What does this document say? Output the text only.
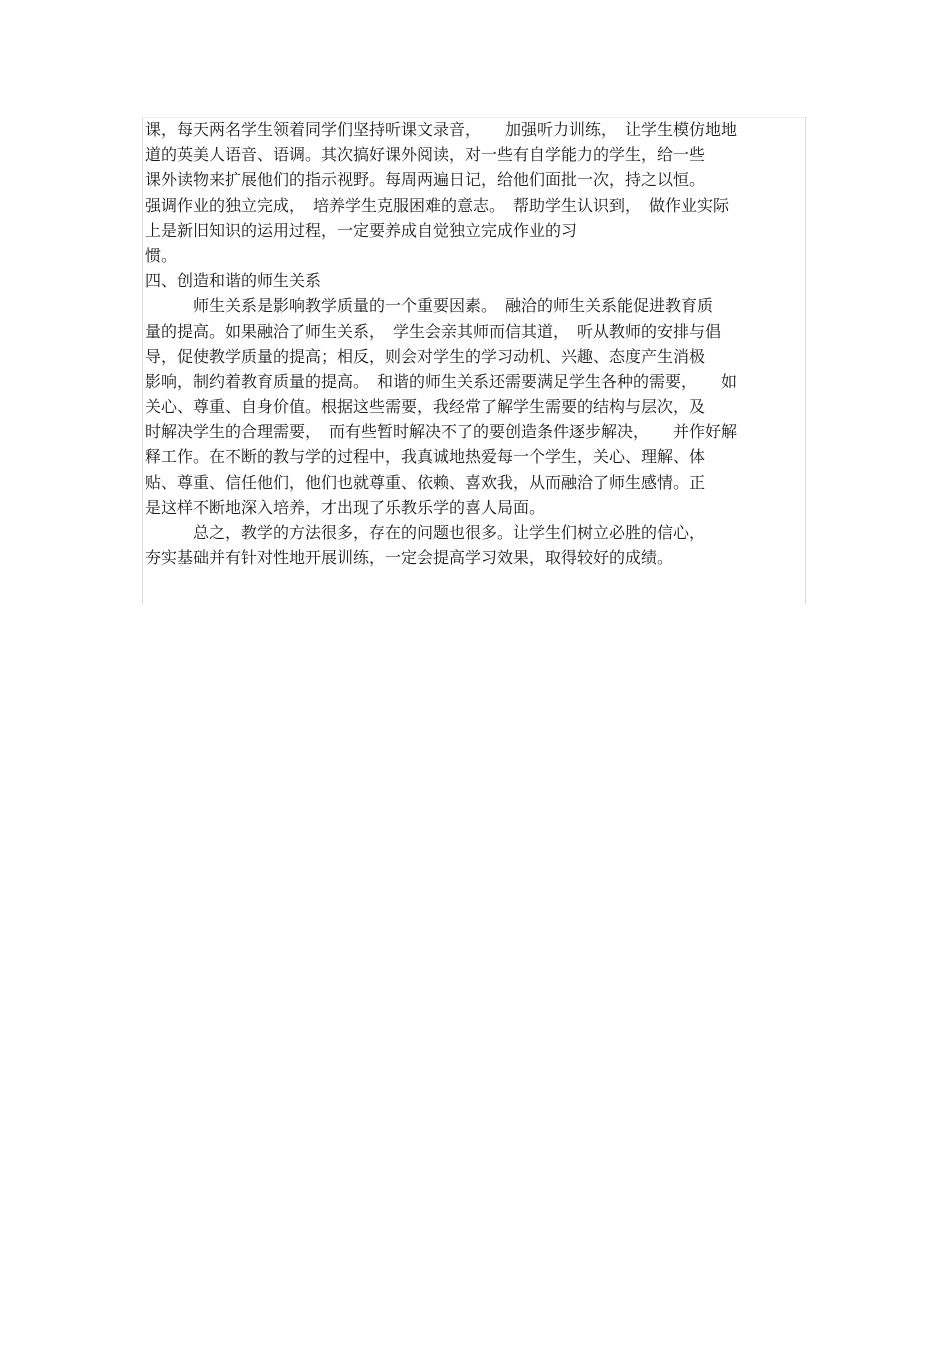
课，每天两名学生领着同学们坚持听课文录音，　　加强听力训练，　让学生模仿地地
道的英美人语音、语调。其次搞好课外阅读，对一些有自学能力的学生，给一些
课外读物来扩展他们的指示视野。每周两遍日记，给他们面批一次，持之以恒。
强调作业的独立完成，　培养学生克服困难的意志。　帮助学生认识到，　做作业实际
上是新旧知识的运用过程，一定要养成自觉独立完成作业的习
惯。
四、创造和谐的师生关系
　　　师生关系是影响教学质量的一个重要因素。　融洽的师生关系能促进教育质
量的提高。如果融洽了师生关系，　学生会亲其师而信其道，　听从教师的安排与倡
导，促使教学质量的提高；相反，则会对学生的学习动机、兴趣、态度产生消极
影响，制约着教育质量的提高。　和谐的师生关系还需要满足学生各种的需要，　　如
关心、尊重、自身价值。根据这些需要，我经常了解学生需要的结构与层次，及
时解决学生的合理需要，　而有些暂时解决不了的要创造条件逐步解决，　　并作好解
释工作。在不断的教与学的过程中，我真诚地热爱每一个学生，关心、理解、体
贴、尊重、信任他们，他们也就尊重、依赖、喜欢我，从而融洽了师生感情。正
是这样不断地深入培养，才出现了乐教乐学的喜人局面。
　　　总之，教学的方法很多，存在的问题也很多。让学生们树立必胜的信心，
夯实基础并有针对性地开展训练，一定会提高学习效果，取得较好的成绩。
